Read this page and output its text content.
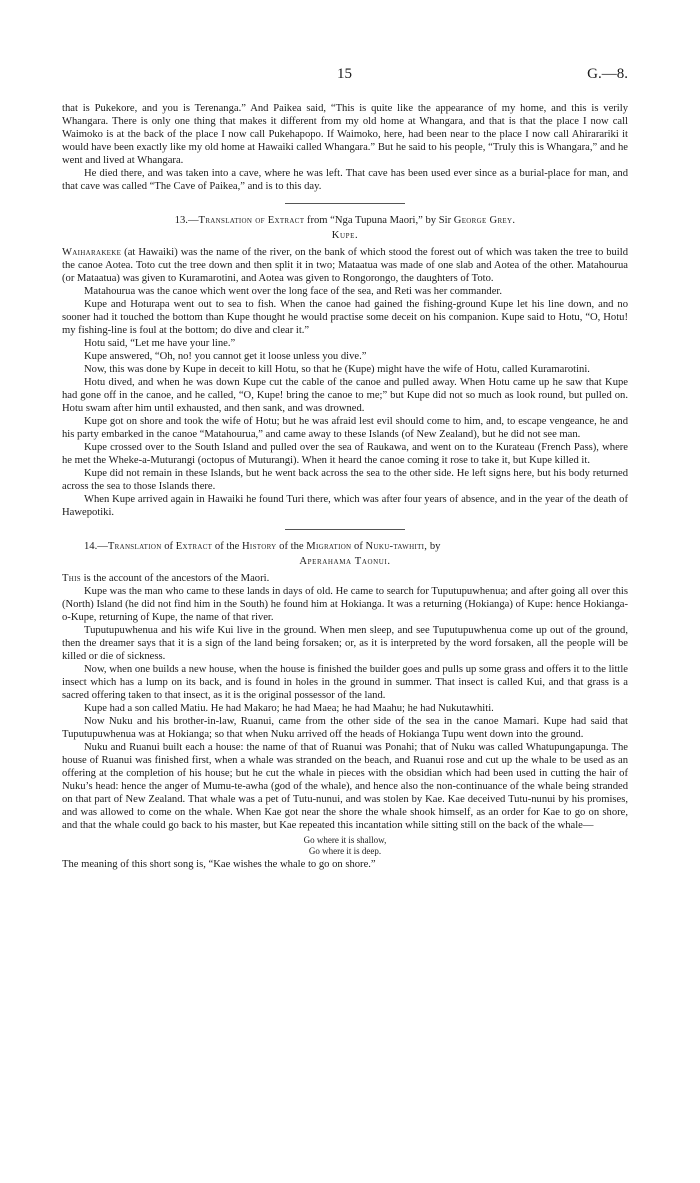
15	G.—8.

that is Pukekore, and you is Terenanga.” And Paikea said, “This is quite like the appearance of my home, and this is verily Whangara. There is only one thing that makes it different from my old home at Whangara, and that is that the place I now call Waimoko is at the back of the place I now call Pukehapopo. If Waimoko, here, had been near to the place I now call Ahirarariki it would have been exactly like my old home at Hawaiki called Whangara.” But he said to his people, “Truly this is Whangara,” and he went and lived at Whangara.

He died there, and was taken into a cave, where he was left. That cave has been used ever since as a burial-place for man, and that cave was called “The Cave of Paikea,” and is to this day.

13.—Translation of Extract from “Nga Tupuna Maori,” by Sir George Grey.

Kupe.

Waiharakeke (at Hawaiki) was the name of the river, on the bank of which stood the forest out of which was taken the tree to build the canoe Aotea. Toto cut the tree down and then split it in two; Mataatua was made of one slab and Aotea of the other. Matahourua (or Mataatua) was given to Kuramarotini, and Aotea was given to Rongorongo, the daughters of Toto.

Matahourua was the canoe which went over the long face of the sea, and Reti was her commander.

Kupe and Hoturapa went out to sea to fish. When the canoe had gained the fishing-ground Kupe let his line down, and no sooner had it touched the bottom than Kupe thought he would practise some deceit on his companion. Kupe said to Hotu, “O, Hotu! my fishing-line is foul at the bottom; do dive and clear it.”

Hotu said, “Let me have your line.”

Kupe answered, “Oh, no! you cannot get it loose unless you dive.”

Now, this was done by Kupe in deceit to kill Hotu, so that he (Kupe) might have the wife of Hotu, called Kuramarotini.

Hotu dived, and when he was down Kupe cut the cable of the canoe and pulled away. When Hotu came up he saw that Kupe had gone off in the canoe, and he called, “O, Kupe! bring the canoe to me;” but Kupe did not so much as look round, but pulled on. Hotu swam after him until exhausted, and then sank, and was drowned.

Kupe got on shore and took the wife of Hotu; but he was afraid lest evil should come to him, and, to escape vengeance, he and his party embarked in the canoe “Matahourua,” and came away to these Islands (of New Zealand), but he did not see man.

Kupe crossed over to the South Island and pulled over the sea of Raukawa, and went on to the Kurateau (French Pass), where he met the Wheke-a-Muturangi (octopus of Muturangi). When it heard the canoe coming it rose to take it, but Kupe killed it.

Kupe did not remain in these Islands, but he went back across the sea to the other side. He left signs here, but his body returned across the sea to those Islands there.

When Kupe arrived again in Hawaiki he found Turi there, which was after four years of absence, and in the year of the death of Hawepotiki.

14.—Translation of Extract of the History of the Migration of Nuku-tawhiti, by

Aperahama Taonui.

This is the account of the ancestors of the Maori.

Kupe was the man who came to these lands in days of old. He came to search for Tuputupuwhenua; and after going all over this (North) Island (he did not find him in the South) he found him at Hokianga. It was a returning (Hokianga) of Kupe: hence Hokianga-o-Kupe, returning of Kupe, the name of that river.

Tuputupuwhenua and his wife Kui live in the ground. When men sleep, and see Tuputupuwhenua come up out of the ground, then the dreamer says that it is a sign of the land being forsaken; or, as it is interpreted by the word forsaken, all the people will be killed or die of sickness.

Now, when one builds a new house, when the house is finished the builder goes and pulls up some grass and offers it to the little insect which has a lump on its back, and is found in holes in the ground in summer. That insect is called Kui, and that grass is a sacred offering taken to that insect, as it is the original possessor of the land.

Kupe had a son called Matiu. He had Makaro; he had Maea; he had Maahu; he had Nukutawhiti.

Now Nuku and his brother-in-law, Ruanui, came from the other side of the sea in the canoe Mamari. Kupe had said that Tuputupuwhenua was at Hokianga; so that when Nuku arrived off the heads of Hokianga Tupu went down into the ground.

Nuku and Ruanui built each a house: the name of that of Ruanui was Ponahi; that of Nuku was called Whatupungapunga. The house of Ruanui was finished first, when a whale was stranded on the beach, and Ruanui rose and cut up the whale to be used as an offering at the completion of his house; but he cut the whale in pieces with the obsidian which had been used in cutting the hair of Nuku’s head: hence the anger of Mumu-te-awha (god of the whale), and hence also the non-continuance of the whale being stranded on that part of New Zealand. That whale was a pet of Tutu-nunui, and was stolen by Kae. Kae deceived Tutu-nunui by his promises, and was allowed to come on the whale. When Kae got near the shore the whale shook himself, as an order for Kae to go on shore, and that the whale could go back to his master, but Kae repeated this incantation while sitting still on the back of the whale—

Go where it is shallow,
Go where it is deep.

The meaning of this short song is, “Kae wishes the whale to go on shore.”
